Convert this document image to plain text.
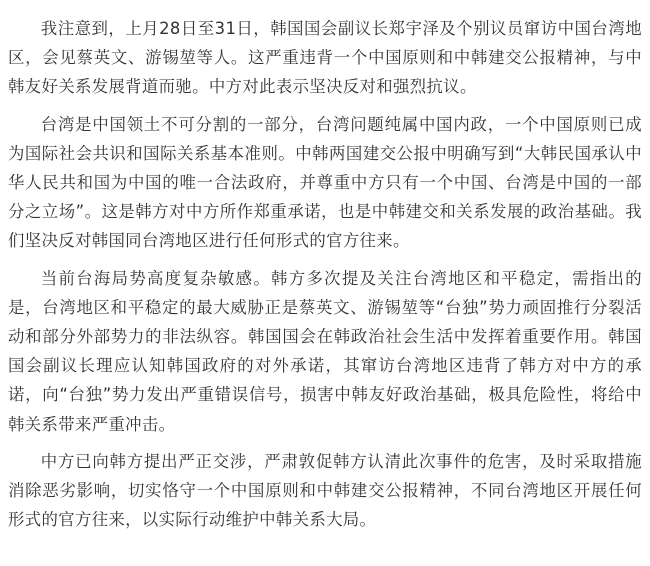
我注意到，上月28日至31日，韩国国会副议长郑宇泽及个别议员窜访中国台湾地区，会见蔡英文、游锡堃等人。这严重违背一个中国原则和中韩建交公报精神，与中韩友好关系发展背道而驰。中方对此表示坚决反对和强烈抗议。

台湾是中国领土不可分割的一部分，台湾问题纯属中国内政，一个中国原则已成为国际社会共识和国际关系基本准则。中韩两国建交公报中明确写到“大韩民国承认中华人民共和国为中国的唯一合法政府，并尊重中方只有一个中国、台湾是中国的一部分之立场”。这是韩方对中方所作郑重承诺，也是中韩建交和关系发展的政治基础。我们坚决反对韩国同台湾地区进行任何形式的官方往来。

当前台海局势高度复杂敏感。韩方多次提及关注台湾地区和平稳定，需指出的是，台湾地区和平稳定的最大威胁正是蔡英文、游锡堃等“台独”势力顽固推行分裂活动和部分外部势力的非法纵容。韩国国会在韩政治社会生活中发挥着重要作用。韩国国会副议长理应认知韩国政府的对外承诺，其窜访台湾地区违背了韩方对中方的承诺，向“台独”势力发出严重错误信号，损害中韩友好政治基础，极具危险性，将给中韩关系带来严重冲击。

中方已向韩方提出严正交涉，严肃敦促韩方认清此次事件的危害，及时采取措施消除恶劣影响，切实恪守一个中国原则和中韩建交公报精神，不同台湾地区开展任何形式的官方往来，以实际行动维护中韩关系大局。
